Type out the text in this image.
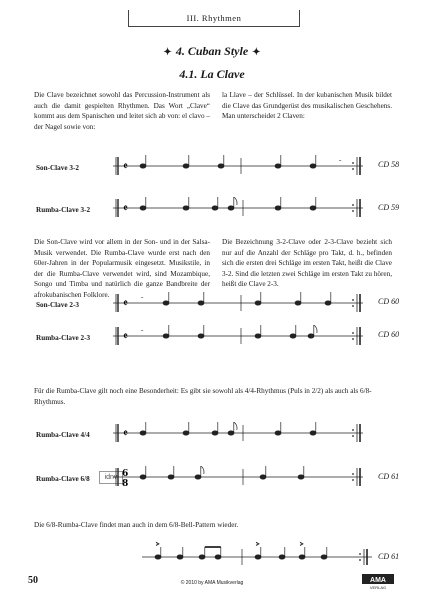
III. Rhythmen
✦ 4. Cuban Style ✦
4.1. La Clave
Die Clave bezeichnet sowohl das Percussion-Instrument als auch die damit gespielten Rhythmen. Das Wort „Clave“ kommt aus dem Spanischen und leitet sich ab von: el clavo – der Nagel sowie von:
la Llave – der Schlüssel. In der kubanischen Musik bildet die Clave das Grundgerüst des musikalischen Geschehens. Man unterscheidet 2 Claven:
Son-Clave 3-2	𝄵	𝄻	CD 58
Rumba-Clave 3-2	𝄵	CD 59
Die Son-Clave wird vor allem in der Son- und in der Salsa-Musik verwendet. Die Rumba-Clave wurde erst nach den 60er-Jahren in der Popularmusik eingesetzt. Musikstile, in der die Rumba-Clave verwendet wird, sind Mozambique, Songo und Timba und natürlich die ganze Bandbreite der afrokubanischen Folklore.
Die Bezeichnung 3-2-Clave oder 2-3-Clave bezieht sich nur auf die Anzahl der Schläge pro Takt, d. h., befinden sich die ersten drei Schläge im ersten Takt, heißt die Clave 3-2. Sind die letzten zwei Schläge im ersten Takt zu hören, heißt die Clave 2-3.
Son-Clave 2-3	𝄵 𝄻	CD 60
Rumba-Clave 2-3	𝄵 𝄻	CD 60
Für die Rumba-Clave gilt noch eine Besonderheit: Es gibt sie sowohl als 4/4-Rhythmus (Puls in 2/2) als auch als 6/8-Rhythmus.
Rumba-Clave 4/4	𝄵
Rumba-Clave 6/8	idnv 6
8
CD 61
Die 6/8-Rumba-Clave findet man auch in dem 6/8-Bell-Pattern wieder.
>	>	>
CD 61
50	© 2010 by AMA Musikverlag	AMA
VERLAG
